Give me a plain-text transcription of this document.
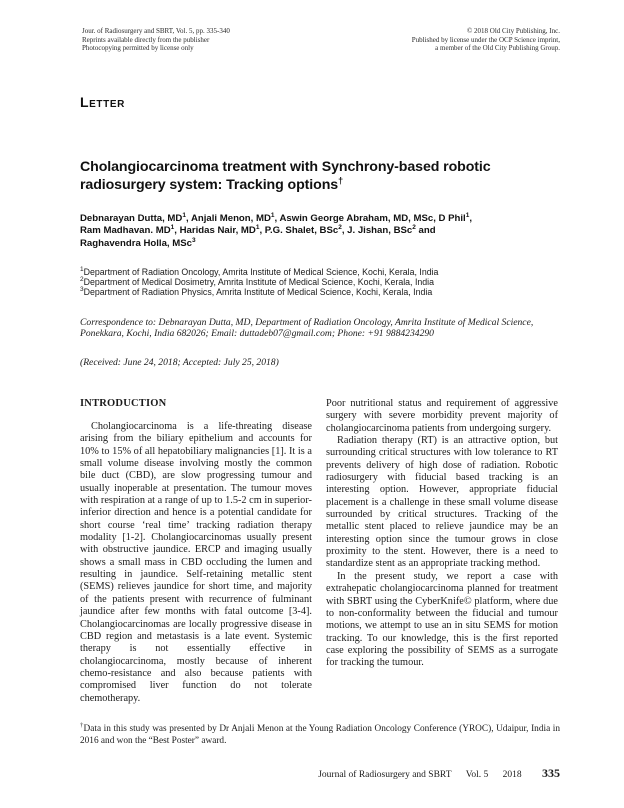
Jour. of Radiosurgery and SBRT, Vol. 5, pp. 335-340
Reprints available directly from the publisher
Photocopying permitted by license only
© 2018 Old City Publishing, Inc.
Published by license under the OCP Science imprint,
a member of the Old City Publishing Group.
Letter
Cholangiocarcinoma treatment with Synchrony-based robotic
radiosurgery system: Tracking options†
Debnarayan Dutta, $MD^1$, Anjali Menon, $MD^1$, Aswin George Abraham, MD, MSc, D Phil$^1$,
Ram Madhavan. $MD^1$, Haridas Nair, $MD^1$, P.G. Shalet, BSc$^2$, J. Jishan, BSc$^2$ and
Raghavendra Holla, MSc$^3$
$^1$Department of Radiation Oncology, Amrita Institute of Medical Science, Kochi, Kerala, India
$^2$Department of Medical Dosimetry, Amrita Institute of Medical Science, Kochi, Kerala, India
$^3$Department of Radiation Physics, Amrita Institute of Medical Science, Kochi, Kerala, India
Correspondence to: Debnarayan Dutta, MD, Department of Radiation Oncology, Amrita Institute of Medical Science, Ponekkara, Kochi, India 682026; Email: duttadeb07@gmail.com; Phone: +91 9884234290
(Received: June 24, 2018; Accepted: July 25, 2018)
INTRODUCTION

Cholangiocarcinoma is a life-threating disease arising from the biliary epithelium and accounts for 10% to 15% of all hepatobiliary malignancies [1]. It is a small volume disease involving mostly the common bile duct (CBD), are slow progressing tumour and usually inoperable at presentation. The tumour moves with respiration at a range of up to 1.5-2 cm in superior-inferior direction and hence is a potential candidate for short course ‘real time’ tracking radiation therapy modality [1-2]. Cholangiocarcinomas usually present with obstructive jaundice. ERCP and imaging usually shows a small mass in CBD occluding the lumen and resulting in jaundice. Self-retaining metallic stent (SEMS) relieves jaundice for short time, and majority of the patients present with recurrence of fulminant jaundice after few months with fatal outcome [3-4]. Cholangiocarcinomas are locally progressive disease in CBD region and metastasis is a late event. Systemic therapy is not essentially effective in cholangiocarcinoma, mostly because of inherent chemo-resistance and also because patients with compromised liver function do not tolerate chemotherapy.

Poor nutritional status and requirement of aggressive surgery with severe morbidity prevent majority of cholangiocarcinoma patients from undergoing surgery.

Radiation therapy (RT) is an attractive option, but surrounding critical structures with low tolerance to RT prevents delivery of high dose of radiation. Robotic radiosurgery with fiducial based tracking is an interesting option. However, appropriate fiducial placement is a challenge in these small volume disease surrounded by critical structures. Tracking of the metallic stent placed to relieve jaundice may be an interesting option since the tumour grows in close proximity to the stent. However, there is a need to standardize stent as an appropriate tracking method.

In the present study, we report a case with extrahepatic cholangiocarcinoma planned for treatment with SBRT using the CyberKnife© platform, where due to non-conformality between the fiducial and tumour motions, we attempt to use an in situ SEMS for motion tracking. To our knowledge, this is the first reported case exploring the possibility of SEMS as a surrogate for tracking the tumour.

†Data in this study was presented by Dr Anjali Menon at the Young Radiation Oncology Conference (YROC), Udaipur, India in 2016 and won the “Best Poster” award.
Journal of Radiosurgery and SBRT Vol. 5 2018 335
